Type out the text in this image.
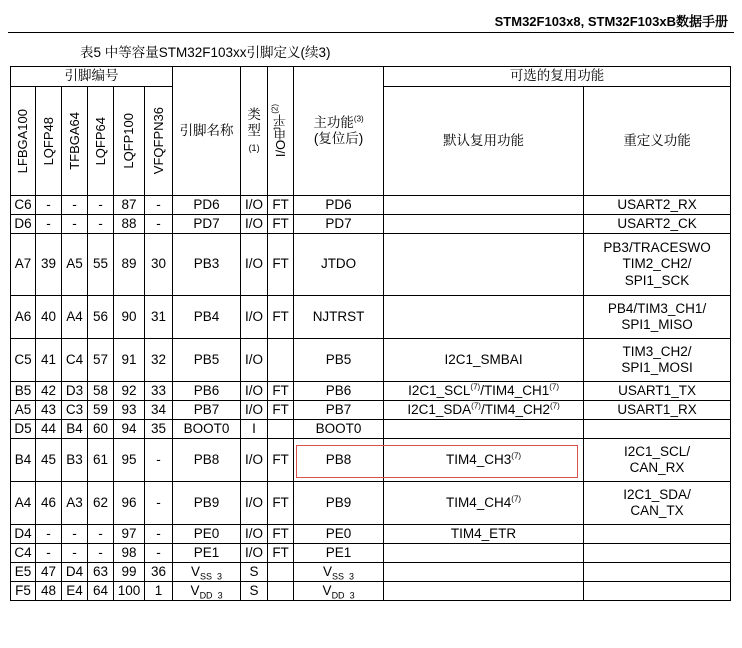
STM32F103x8, STM32F103xB数据手册
表5 中等容量STM32F103xx引脚定义(续3)
引脚编号						引脚名称	类型
(1)	I/O电平$^{(2)}$	主功能$^{(3)}$
(复位后)	可选的复用功能	

LFBGA100	LQFP48	TFBGA64	LQFP64	LQFP100	VFQFPN36					默认复用功能	重定义功能
C6	-	-	-	87	-	PD6	I/O	FT	PD6		USART2_RX
D6	-	-	-	88	-	PD7	I/O	FT	PD7		USART2_CK
A7	39	A5	55	89	30	PB3	I/O	FT	JTDO		PB3/TRACESWO
TIM2_CH2/
SPI1_SCK
A6	40	A4	56	90	31	PB4	I/O	FT	NJTRST		PB4/TIM3_CH1/
SPI1_MISO
C5	41	C4	57	91	32	PB5	I/O		PB5	I2C1_SMBAI	TIM3_CH2/
SPI1_MOSI
B5	42	D3	58	92	33	PB6	I/O	FT	PB6	I2C1_SCL$^{(7)}$/TIM4_CH1$^{(7)}$	USART1_TX
A5	43	C3	59	93	34	PB7	I/O	FT	PB7	I2C1_SDA$^{(7)}$/TIM4_CH2$^{(7)}$	USART1_RX
D5	44	B4	60	94	35	BOOT0	I		BOOT0		
B4	45	B3	61	95	-	PB8	I/O	FT	PB8	TIM4_CH3$^{(7)}$	I2C1_SCL/
CAN_RX
A4	46	A3	62	96	-	PB9	I/O	FT	PB9	TIM4_CH4$^{(7)}$	I2C1_SDA/
CAN_TX
D4	-	-	-	97	-	PE0	I/O	FT	PE0	TIM4_ETR	
C4	-	-	-	98	-	PE1	I/O	FT	PE1		
E5	47	D4	63	99	36	$V_{SS\_3}$	S		$V_{SS\_3}$		
F5	48	E4	64	100	1	$V_{DD\_3}$	S		$V_{DD\_3}$		
